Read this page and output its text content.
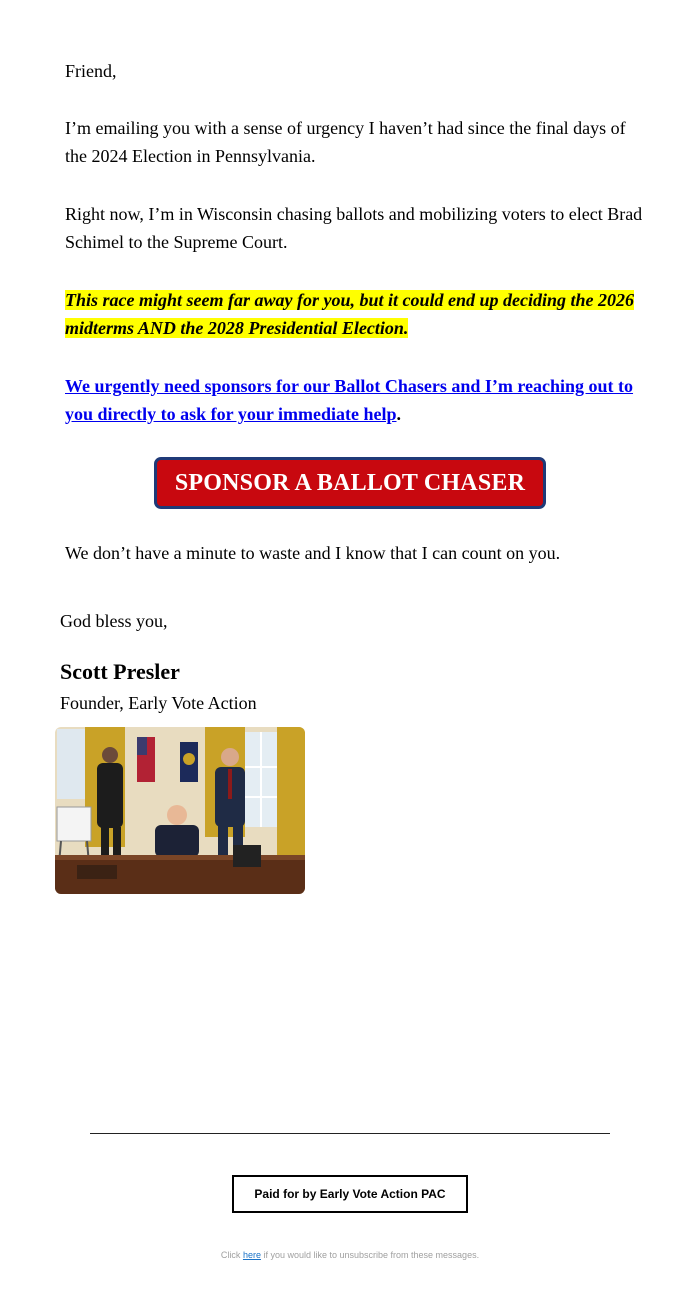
Friend,

I’m emailing you with a sense of urgency I haven’t had since the final days of the 2024 Election in Pennsylvania.

Right now, I’m in Wisconsin chasing ballots and mobilizing voters to elect Brad Schimel to the Supreme Court.

This race might seem far away for you, but it could end up deciding the 2026 midterms AND the 2028 Presidential Election.

We urgently need sponsors for our Ballot Chasers and I’m reaching out to you directly to ask for your immediate help.

SPONSOR A BALLOT CHASER

We don’t have a minute to waste and I know that I can count on you.

God bless you,

Scott Presler

Founder, Early Vote Action

Paid for by Early Vote Action PAC
Click here if you would like to unsubscribe from these messages.
